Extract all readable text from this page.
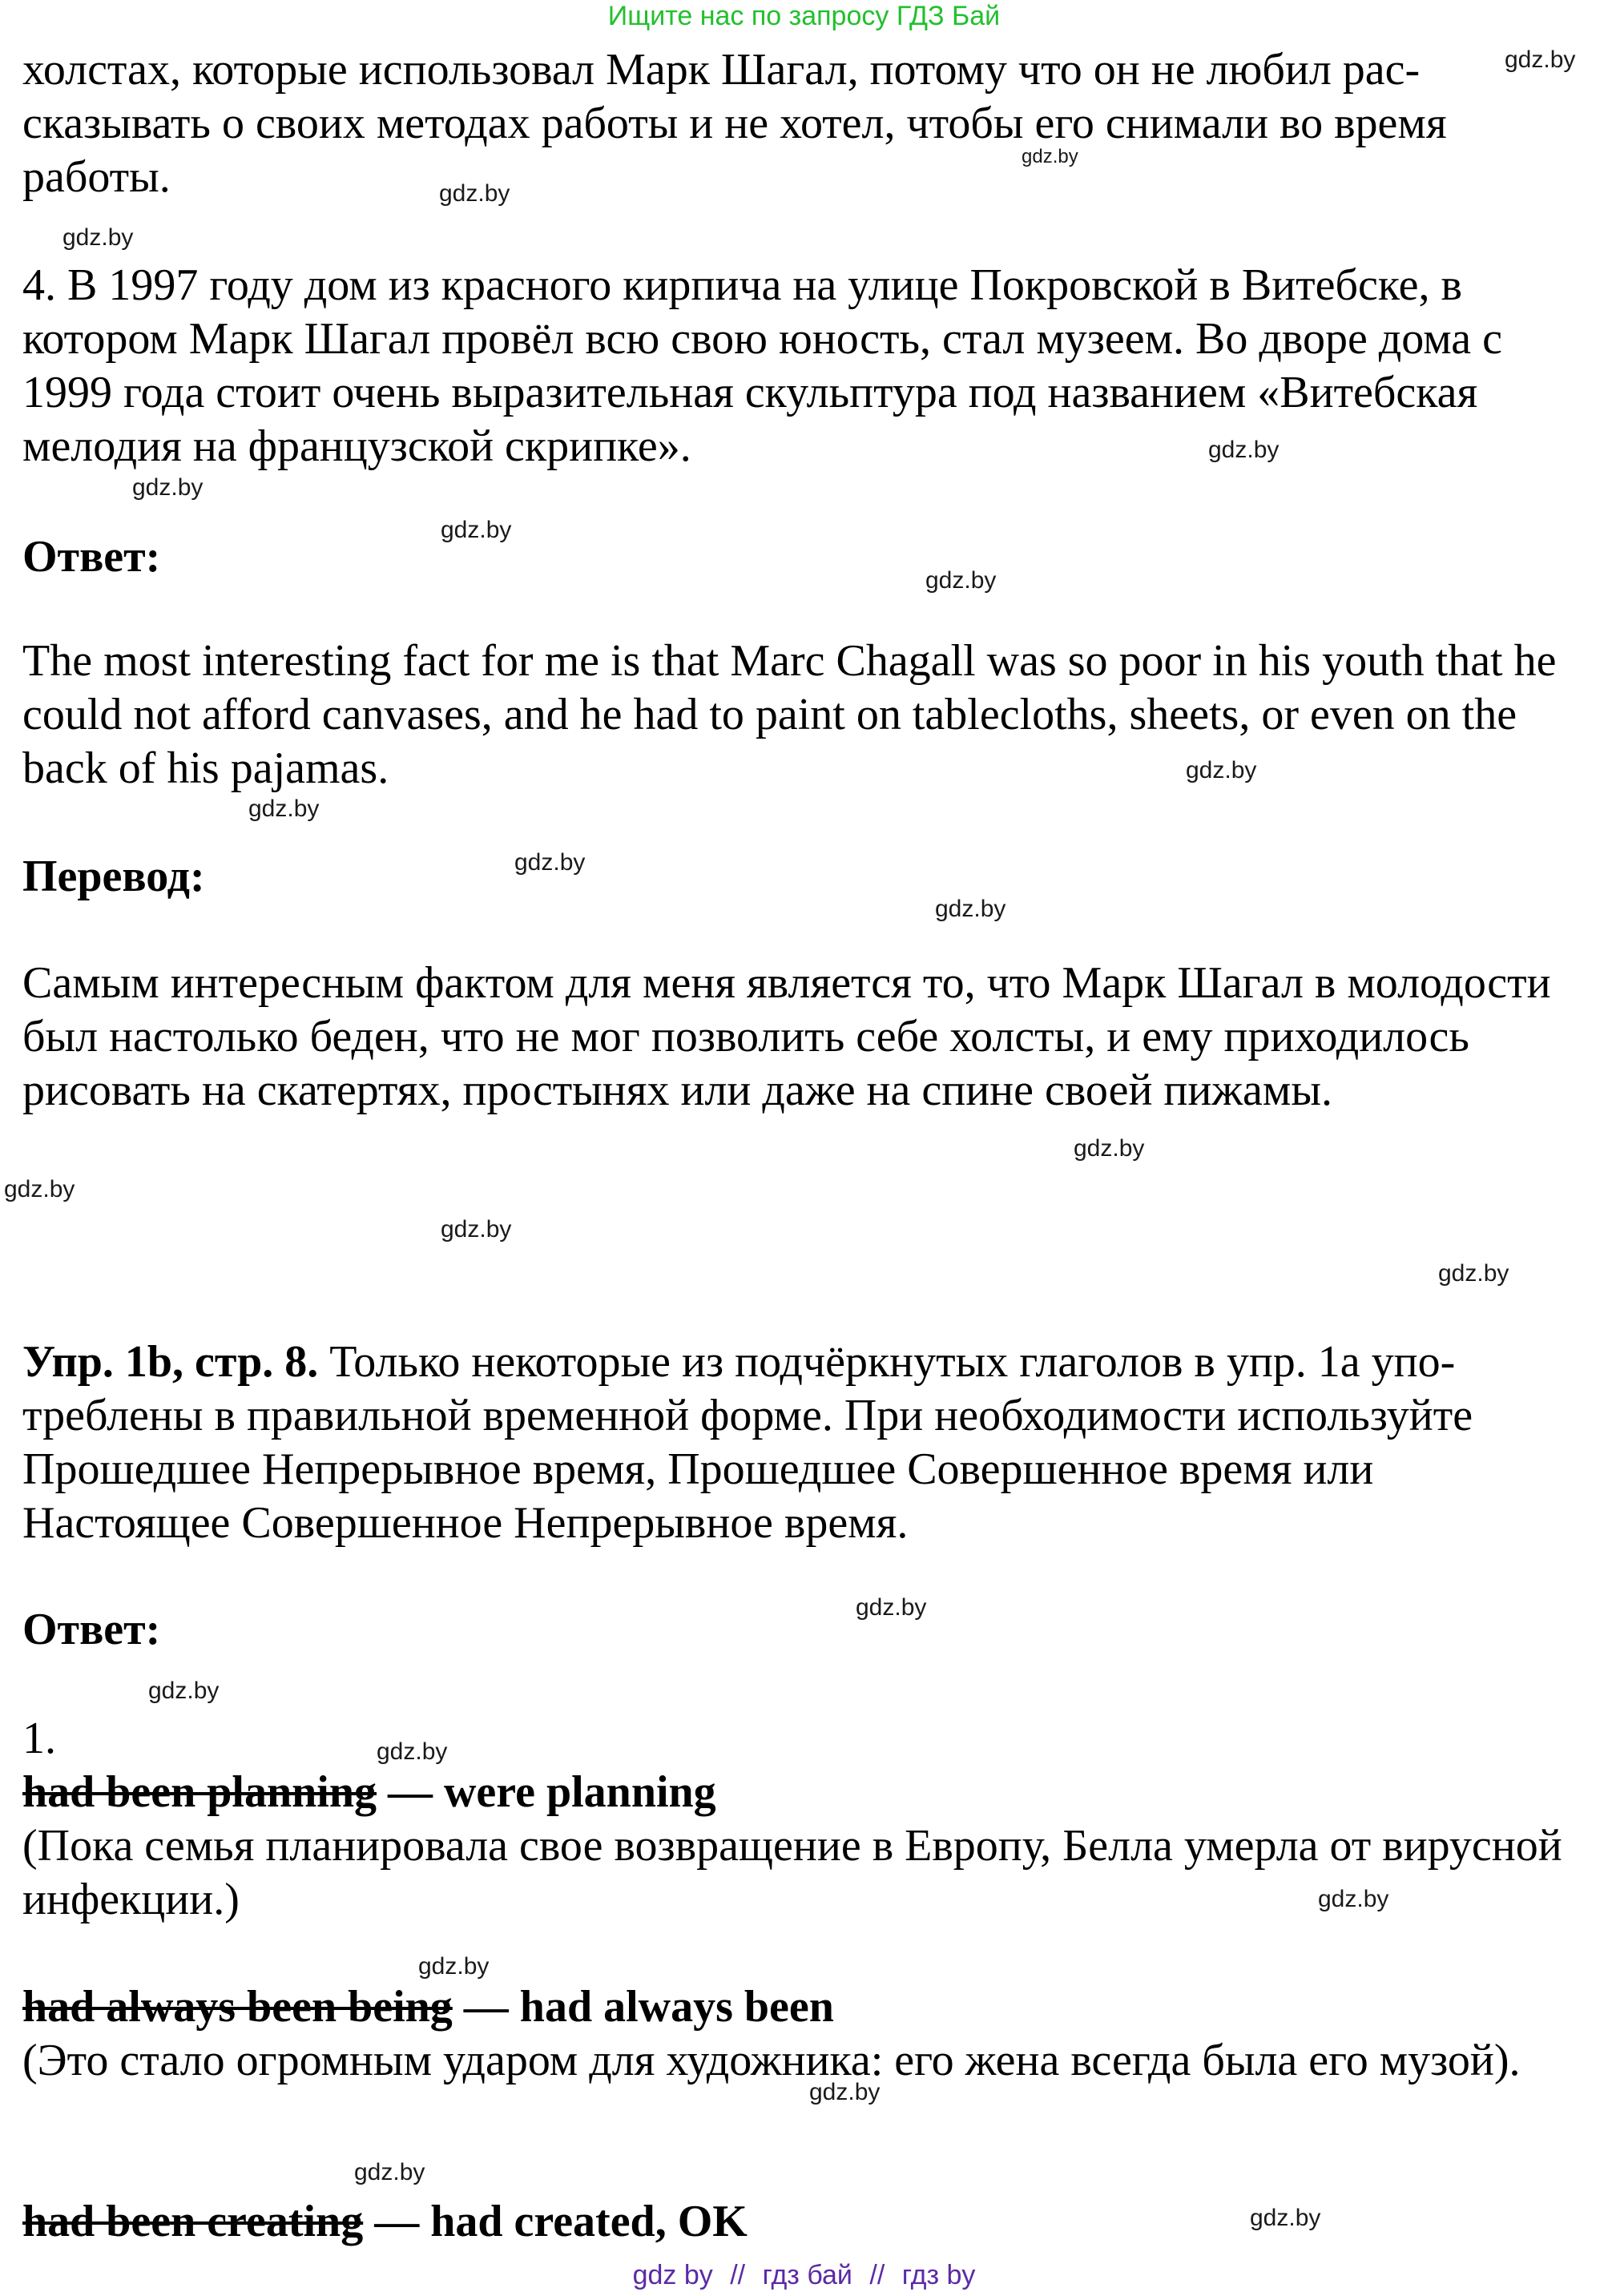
Ищите нас по запросу ГДЗ Бай

холстах, которые использовал Марк Шагал, потому что он не любил рассказывать о своих методах работы и не хотел, чтобы его снимали во время работы.

4. В 1997 году дом из красного кирпича на улице Покровской в Витебске, в котором Марк Шагал провёл всю свою юность, стал музеем. Во дворе дома с 1999 года стоит очень выразительная скульптура под названием «Витебская мелодия на французской скрипке».

Ответ:

The most interesting fact for me is that Marc Chagall was so poor in his youth that he could not afford canvases, and he had to paint on tablecloths, sheets, or even on the back of his pajamas.

Перевод:

Самым интересным фактом для меня является то, что Марк Шагал в молодости был настолько беден, что не мог позволить себе холсты, и ему приходилось рисовать на скатертях, простынях или даже на спине своей пижамы.

Упр. 1b, стр. 8. Только некоторые из подчёркнутых глаголов в упр. 1а употреблены в правильной временной форме. При необходимости используйте Прошедшее Непрерывное время, Прошедшее Совершенное время или Настоящее Совершенное Непрерывное время.

Ответ:

1.

had been planning — were planning

(Пока семья планировала свое возвращение в Европу, Белла умерла от вирусной инфекции.)

had always been being — had always been

(Это стало огромным ударом для художника: его жена всегда была его музой).

had been creating — had created, OK

gdz.by
gdz.by
gdz.by
gdz.by
gdz.by
gdz.by
gdz.by
gdz.by
gdz.by
gdz.by
gdz.by
gdz.by
gdz.by
gdz.by
gdz.by
gdz.by
gdz.by
gdz.by
gdz.by
gdz.by
gdz.by
gdz.by
gdz.by
gdz.by
gdz by // гдз бай // гдз by
